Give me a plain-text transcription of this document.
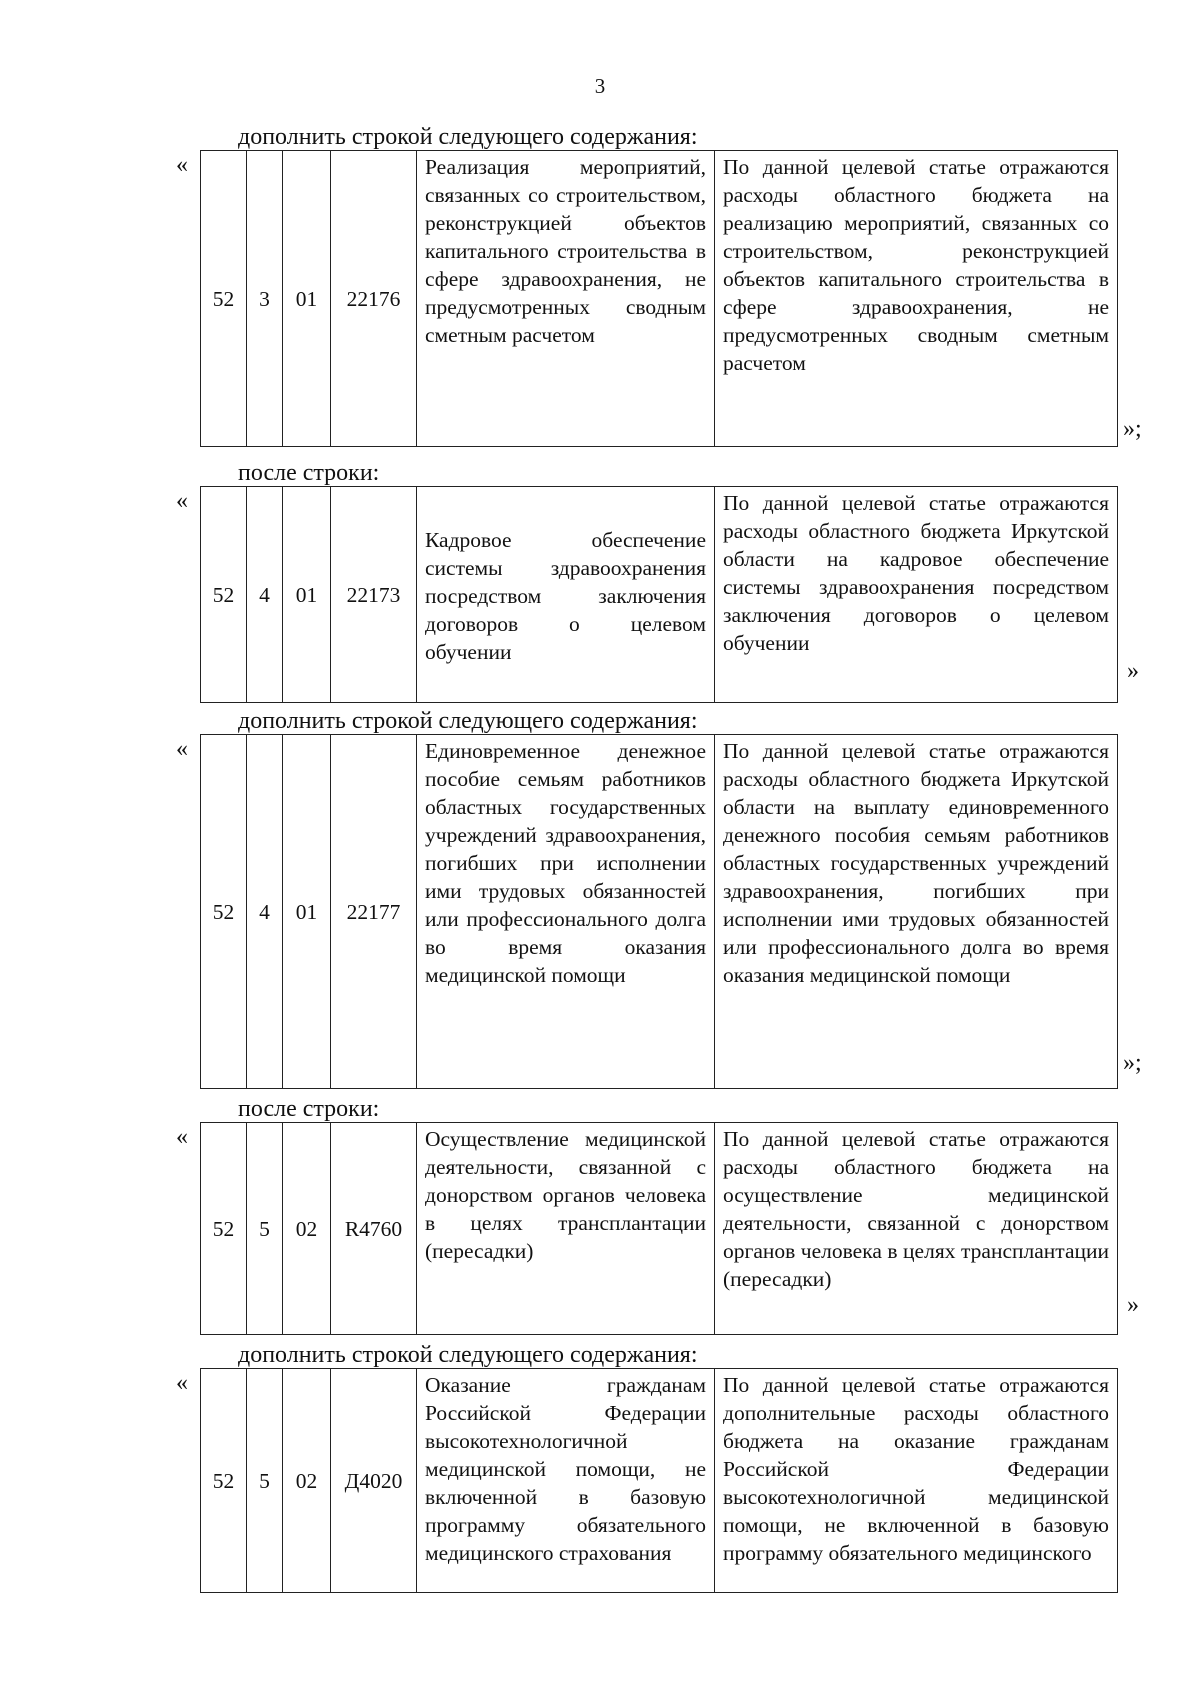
3
дополнить строкой следующего содержания:
«
52	3	01	22176	Реализация мероприятий, связанных со строительством, реконструкцией объектов капитального строительства в сфере здравоохранения, не предусмотренных сводным сметным расчетом	По данной целевой статье отражаются расходы областного бюджета на реализацию мероприятий, связанных со строительством, реконструкцией объектов капитального строительства в сфере здравоохранения, не предусмотренных сводным сметным расчетом
»;
после строки:
«
52	4	01	22173	Кадровое обеспечение системы здравоохранения посредством заключения договоров о целевом обучении	По данной целевой статье отражаются расходы областного бюджета Иркутской области на кадровое обеспечение системы здравоохранения посредством заключения договоров о целевом обучении
»
дополнить строкой следующего содержания:
«
52	4	01	22177	Единовременное денежное пособие семьям работников областных государственных учреждений здравоохранения, погибших при исполнении ими трудовых обязанностей или профессионального долга во время оказания медицинской помощи	По данной целевой статье отражаются расходы областного бюджета Иркутской области на выплату единовременного денежного пособия семьям работников областных государственных учреждений здравоохранения, погибших при исполнении ими трудовых обязанностей или профессионального долга во время оказания медицинской помощи
»;
после строки:
«
52	5	02	R4760	Осуществление медицинской деятельности, связанной с донорством органов человека в целях трансплантации (пересадки)	По данной целевой статье отражаются расходы областного бюджета на осуществление медицинской деятельности, связанной с донорством органов человека в целях трансплантации (пересадки)
»
дополнить строкой следующего содержания:
«
52	5	02	Д4020	Оказание гражданам Российской Федерации высокотехнологичной медицинской помощи, не включенной в базовую программу обязательного медицинского страхования	По данной целевой статье отражаются дополнительные расходы областного бюджета на оказание гражданам Российской Федерации высокотехнологичной медицинской помощи, не включенной в базовую программу обязательного медицинского
